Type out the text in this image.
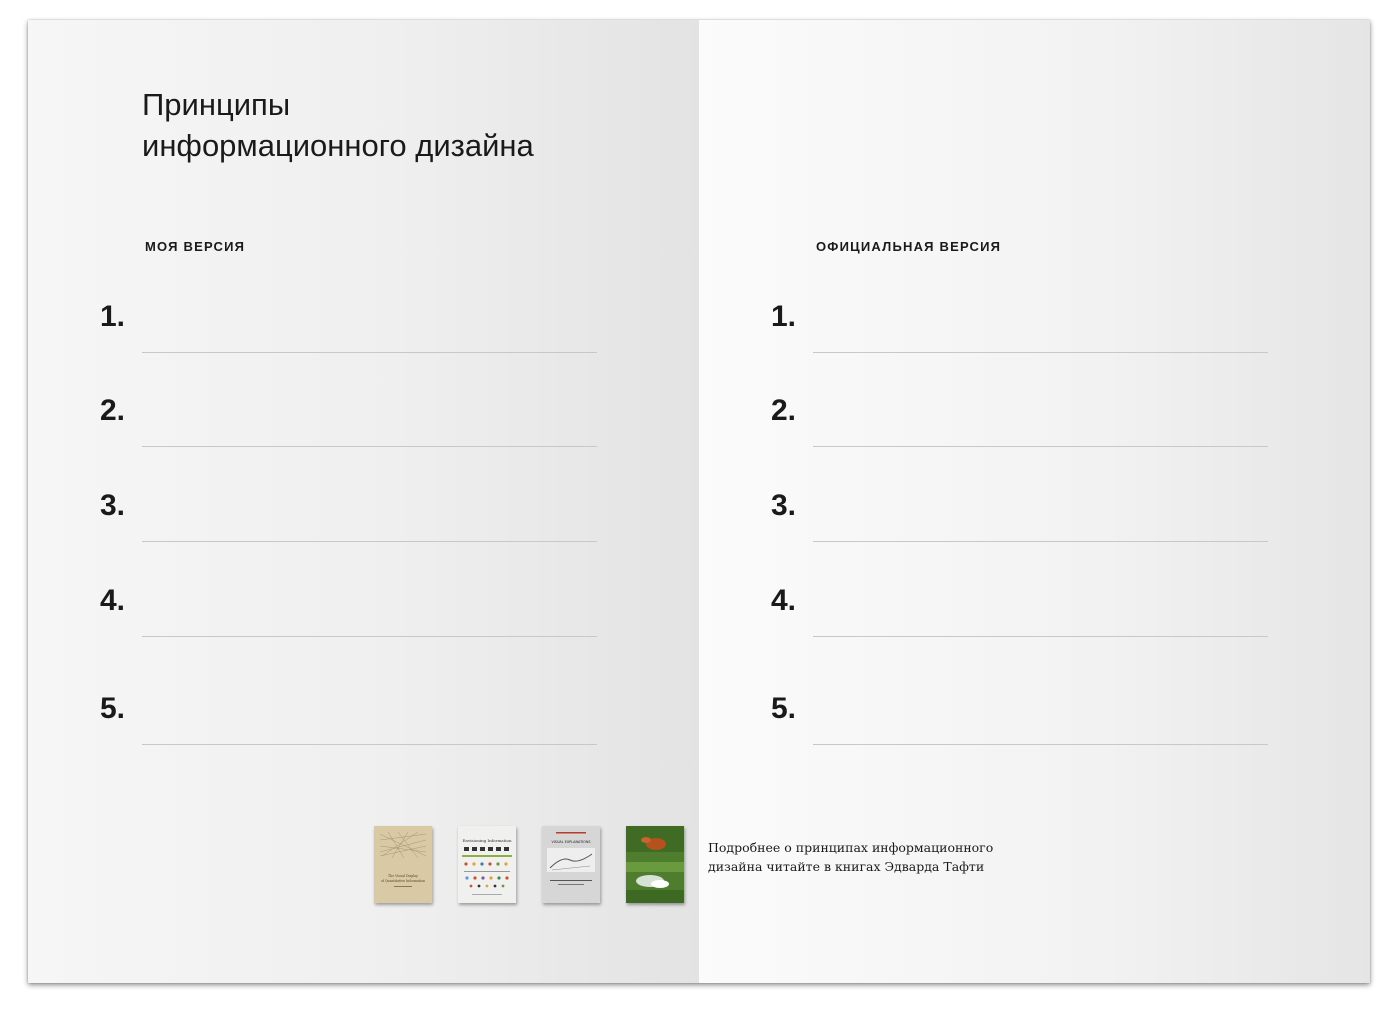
Принципы
информационного дизайна

МОЯ ВЕРСИЯ

1.
2.
3.
4.
5.
The Visual Display
of Quantitative Information
Envisioning Information	VISUAL EXPLANATIONS

ОФИЦИАЛЬНАЯ ВЕРСИЯ

1.
2.
3.
4.
5.

Подробнее о принципах информационного
дизайна читайте в книгах Эдварда Тафти
